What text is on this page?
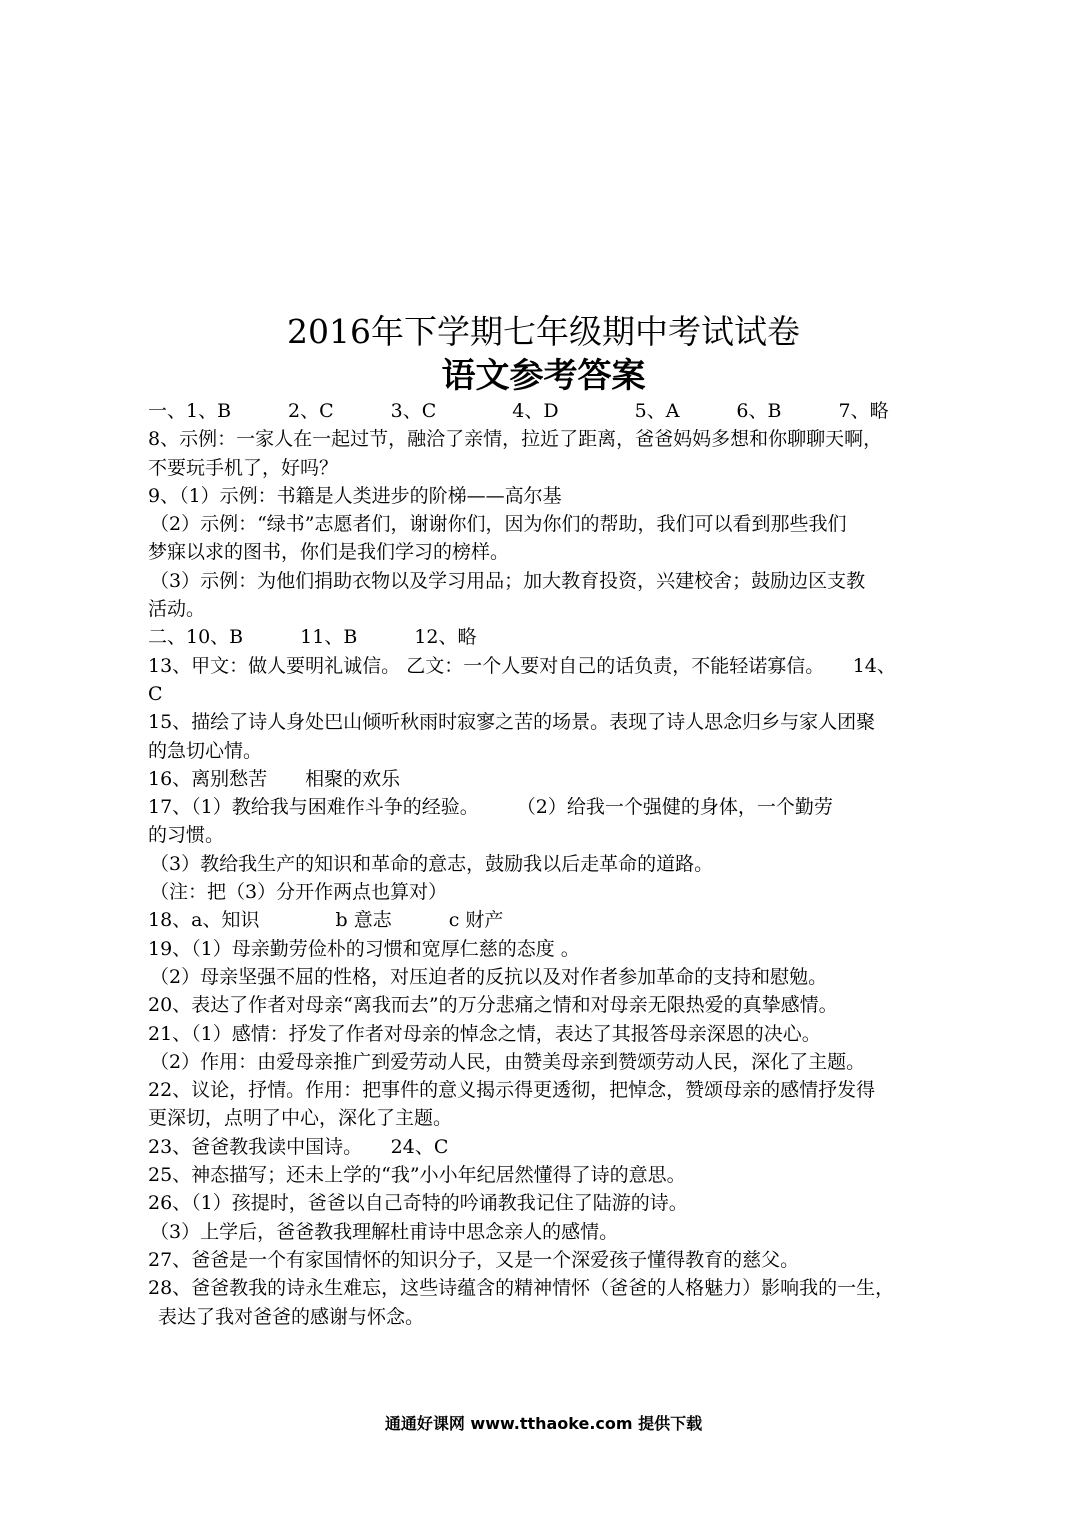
2016年下学期七年级期中考试试卷
语文参考答案
一、1、B　　　2、C　　　3、C　　　　4、D　　　　5、A　　　6、B　　　7、略
8、示例：一家人在一起过节，融洽了亲情，拉近了距离，爸爸妈妈多想和你聊聊天啊，
不要玩手机了，好吗？
9、（1）示例：书籍是人类进步的阶梯——高尔基
（2）示例：“绿书”志愿者们，谢谢你们，因为你们的帮助，我们可以看到那些我们
梦寐以求的图书，你们是我们学习的榜样。
（3）示例：为他们捐助衣物以及学习用品；加大教育投资，兴建校舍；鼓励边区支教
活动。
二、10、B　　　11、B　　　12、略
13、甲文：做人要明礼诚信。 乙文：一个人要对自己的话负责，不能轻诺寡信。　　14、
C
15、描绘了诗人身处巴山倾听秋雨时寂寥之苦的场景。表现了诗人思念归乡与家人团聚
的急切心情。
16、离别愁苦　　相聚的欢乐
17、（1）教给我与困难作斗争的经验。　　　（2）给我一个强健的身体，一个勤劳
的习惯。
（3）教给我生产的知识和革命的意志，鼓励我以后走革命的道路。
（注：把（3）分开作两点也算对）
18、a、知识　　　　b 意志　　　c 财产
19、（1）母亲勤劳俭朴的习惯和宽厚仁慈的态度 。
（2）母亲坚强不屈的性格，对压迫者的反抗以及对作者参加革命的支持和慰勉。
20、表达了作者对母亲“离我而去”的万分悲痛之情和对母亲无限热爱的真挚感情。
21、（1）感情：抒发了作者对母亲的悼念之情，表达了其报答母亲深恩的决心。
（2）作用：由爱母亲推广到爱劳动人民，由赞美母亲到赞颂劳动人民，深化了主题。
22、议论，抒情。作用：把事件的意义揭示得更透彻，把悼念，赞颂母亲的感情抒发得
更深切，点明了中心，深化了主题。
23、爸爸教我读中国诗。　　24、C
25、神态描写；还未上学的“我”小小年纪居然懂得了诗的意思。
26、（1）孩提时，爸爸以自己奇特的吟诵教我记住了陆游的诗。
（3）上学后，爸爸教我理解杜甫诗中思念亲人的感情。
27、爸爸是一个有家国情怀的知识分子，又是一个深爱孩子懂得教育的慈父。
28、爸爸教我的诗永生难忘，这些诗蕴含的精神情怀（爸爸的人格魅力）影响我的一生，
表达了我对爸爸的感谢与怀念。
通通好课网 www.tthaoke.com 提供下载
